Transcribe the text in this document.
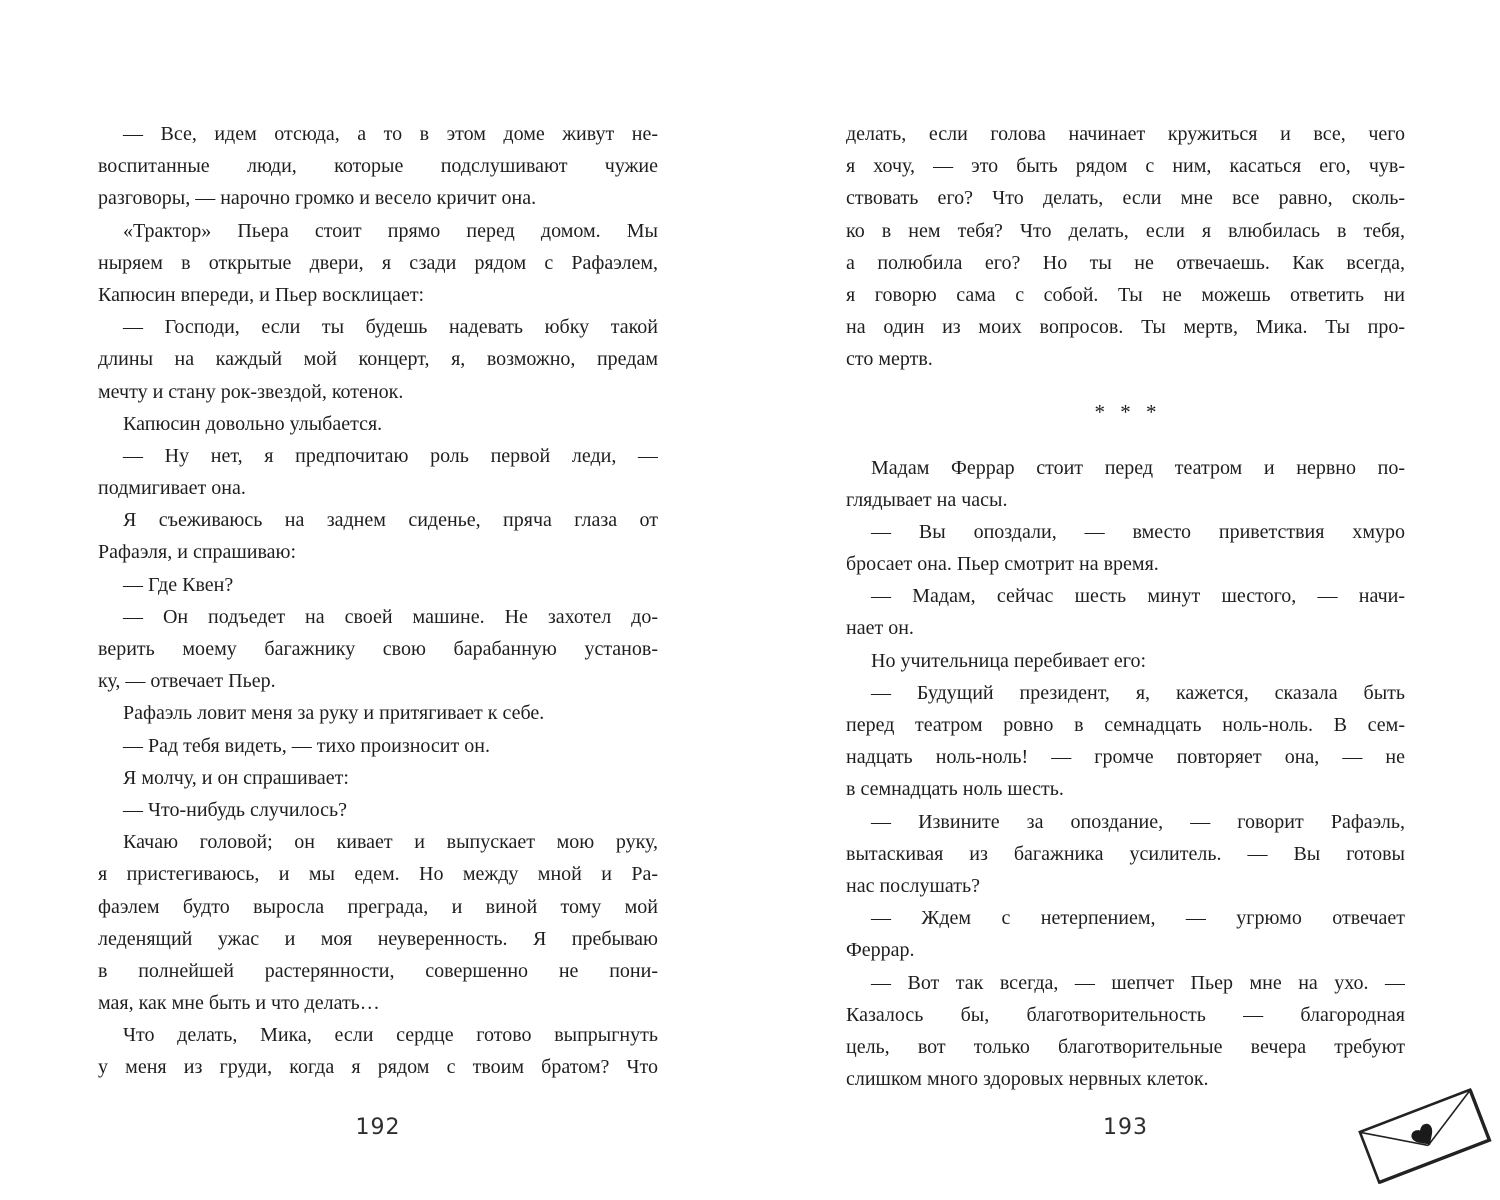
— Все, идем отсюда, а то в этом доме живут не-
воспитанные люди, которые подслушивают чужие
разговоры, — нарочно громко и весело кричит она.
«Трактор» Пьера стоит прямо перед домом. Мы
ныряем в открытые двери, я сзади рядом с Рафаэлем,
Капюсин впереди, и Пьер восклицает:
— Господи, если ты будешь надевать юбку такой
длины на каждый мой концерт, я, возможно, предам
мечту и стану рок-звездой, котенок.
Капюсин довольно улыбается.
— Ну нет, я предпочитаю роль первой леди, —
подмигивает она.
Я съеживаюсь на заднем сиденье, пряча глаза от
Рафаэля, и спрашиваю:
— Где Квен?
— Он подъедет на своей машине. Не захотел до-
верить моему багажнику свою барабанную установ-
ку, — отвечает Пьер.
Рафаэль ловит меня за руку и притягивает к себе.
— Рад тебя видеть, — тихо произносит он.
Я молчу, и он спрашивает:
— Что-нибудь случилось?
Качаю головой; он кивает и выпускает мою руку,
я пристегиваюсь, и мы едем. Но между мной и Ра-
фаэлем будто выросла преграда, и виной тому мой
леденящий ужас и моя неуверенность. Я пребываю
в полнейшей растерянности, совершенно не пони-
мая, как мне быть и что делать…
Что делать, Мика, если сердце готово выпрыгнуть
у меня из груди, когда я рядом с твоим братом? Что
делать, если голова начинает кружиться и все, чего
я хочу, — это быть рядом с ним, касаться его, чув-
ствовать его? Что делать, если мне все равно, сколь-
ко в нем тебя? Что делать, если я влюбилась в тебя,
а полюбила его? Но ты не отвечаешь. Как всегда,
я говорю сама с собой. Ты не можешь ответить ни
на один из моих вопросов. Ты мертв, Мика. Ты про-
сто мертв.
* * *
Мадам Феррар стоит перед театром и нервно по-
глядывает на часы.
— Вы опоздали, — вместо приветствия хмуро
бросает она. Пьер смотрит на время.
— Мадам, сейчас шесть минут шестого, — начи-
нает он.
Но учительница перебивает его:
— Будущий президент, я, кажется, сказала быть
перед театром ровно в семнадцать ноль-ноль. В сем-
надцать ноль-ноль! — громче повторяет она, — не
в семнадцать ноль шесть.
— Извините за опоздание, — говорит Рафаэль,
вытаскивая из багажника усилитель. — Вы готовы
нас послушать?
— Ждем с нетерпением, — угрюмо отвечает
Феррар.
— Вот так всегда, — шепчет Пьер мне на ухо. —
Казалось бы, благотворительность — благородная
цель, вот только благотворительные вечера требуют
слишком много здоровых нервных клеток.
192	193
